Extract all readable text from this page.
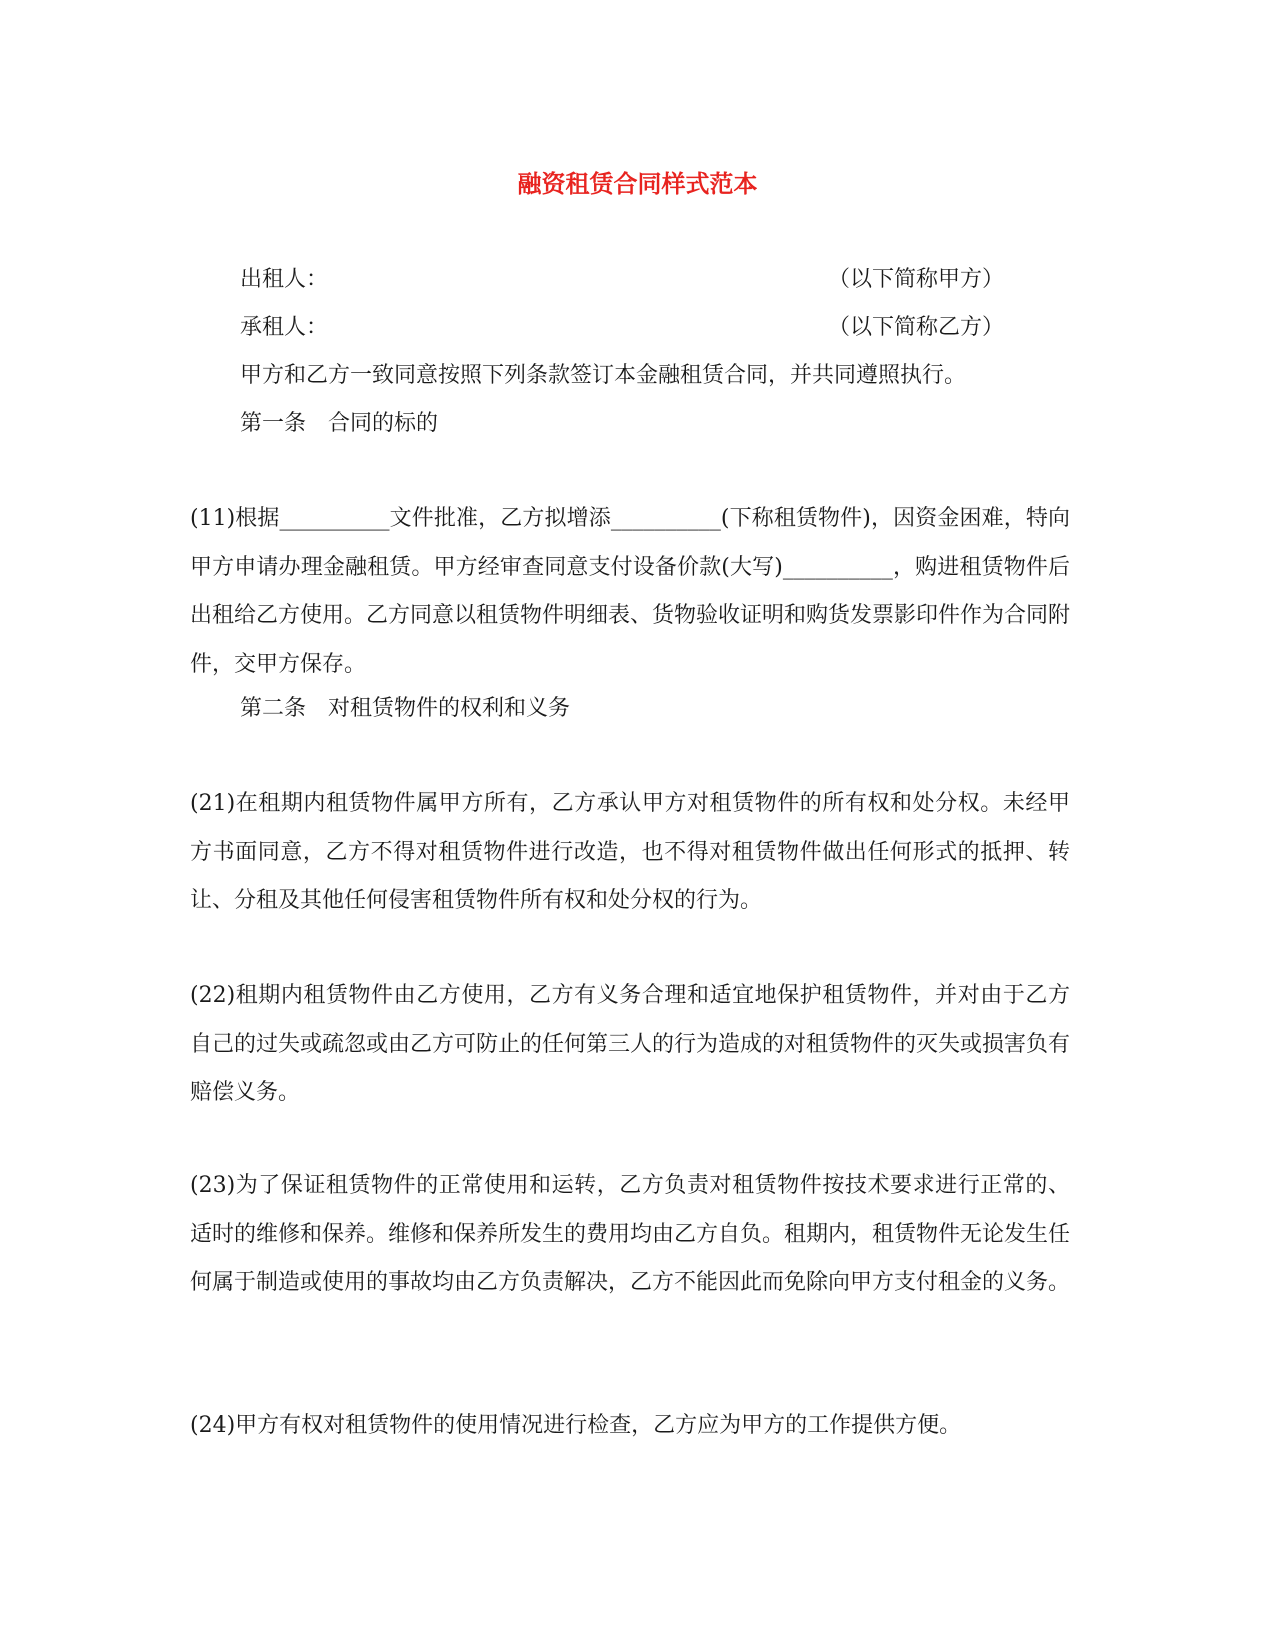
融资租赁合同样式范本
出租人：	（以下简称甲方）
承租人：	（以下简称乙方）
甲方和乙方一致同意按照下列条款签订本金融租赁合同，并共同遵照执行。
第一条　合同的标的
(11)根据__________文件批准，乙方拟增添__________(下称租赁物件)，因资金困难，特向甲方申请办理金融租赁。甲方经审查同意支付设备价款(大写)__________，购进租赁物件后出租给乙方使用。乙方同意以租赁物件明细表、货物验收证明和购货发票影印件作为合同附件，交甲方保存。
第二条　对租赁物件的权利和义务
(21)在租期内租赁物件属甲方所有，乙方承认甲方对租赁物件的所有权和处分权。未经甲方书面同意，乙方不得对租赁物件进行改造，也不得对租赁物件做出任何形式的抵押、转让、分租及其他任何侵害租赁物件所有权和处分权的行为。
(22)租期内租赁物件由乙方使用，乙方有义务合理和适宜地保护租赁物件，并对由于乙方自己的过失或疏忽或由乙方可防止的任何第三人的行为造成的对租赁物件的灭失或损害负有赔偿义务。
(23)为了保证租赁物件的正常使用和运转，乙方负责对租赁物件按技术要求进行正常的、适时的维修和保养。维修和保养所发生的费用均由乙方自负。租期内，租赁物件无论发生任何属于制造或使用的事故均由乙方负责解决，乙方不能因此而免除向甲方支付租金的义务。
(24)甲方有权对租赁物件的使用情况进行检查，乙方应为甲方的工作提供方便。
